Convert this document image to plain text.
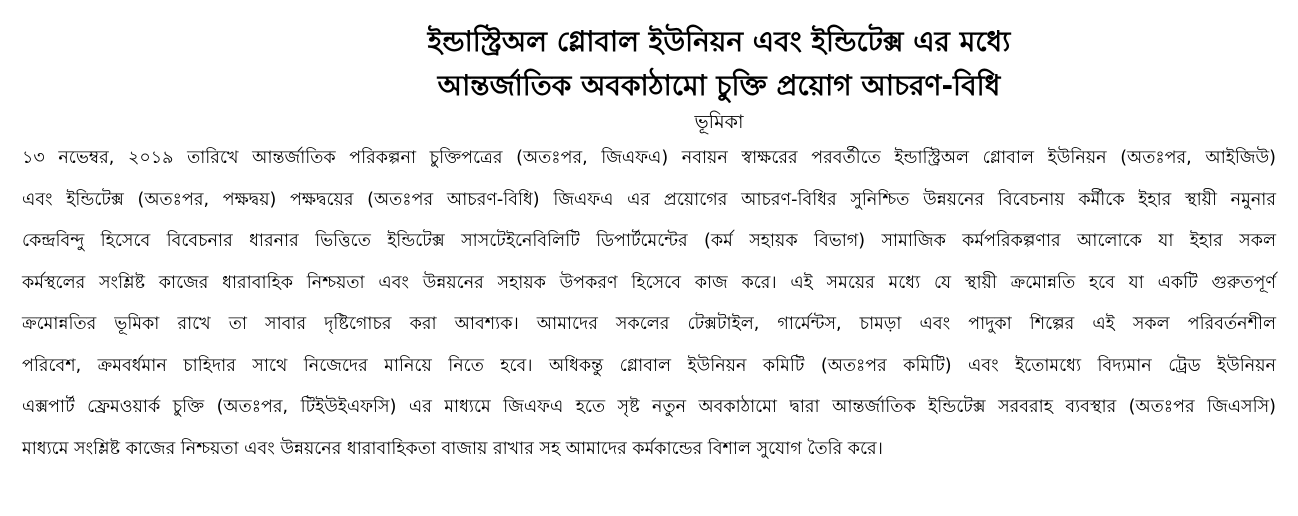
ইন্ডাস্ট্রিঅল গ্লোবাল ইউনিয়ন এবং ইন্ডিটেক্স এর মধ্যে
আন্তর্জাতিক অবকাঠামো চুক্তি প্রয়োগ আচরণ-বিধি
ভূমিকা
১৩ নভেম্বর, ২০১৯ তারিখে আন্তর্জাতিক পরিকল্পনা চুক্তিপত্রের (অতঃপর, জিএফএ) নবায়ন স্বাক্ষরের পরবর্তীতে ইন্ডাস্ট্রিঅল গ্লোবাল ইউনিয়ন (অতঃপর, আইজিউ)
এবং ইন্ডিটেক্স (অতঃপর, পক্ষদ্বয়) পক্ষদ্বয়ের (অতঃপর আচরণ-বিধি) জিএফএ এর প্রয়োগের আচরণ-বিধির সুনিশ্চিত উন্নয়নের বিবেচনায় কর্মীকে ইহার স্থায়ী নমুনার
কেন্দ্রবিন্দু হিসেবে বিবেচনার ধারনার ভিত্তিতে ইন্ডিটেক্স সাসটেইনেবিলিটি ডিপার্টমেন্টের (কর্ম সহায়ক বিভাগ) সামাজিক কর্মপরিকল্পণার আলোকে যা ইহার সকল
কর্মস্থলের সংশ্লিষ্ট কাজের ধারাবাহিক নিশ্চয়তা এবং উন্নয়নের সহায়ক উপকরণ হিসেবে কাজ করে। এই সময়ের মধ্যে যে স্থায়ী ক্রমোন্নতি হবে যা একটি গুরুতপূর্ণ
ক্রমোন্নতির ভূমিকা রাখে তা সাবার দৃষ্টিগোচর করা আবশ্যক। আমাদের সকলের টেক্সটাইল, গার্মেন্টস, চামড়া এবং পাদুকা শিল্পের এই সকল পরিবর্তনশীল
পরিবেশ, ক্রমবর্ধমান চাহিদার সাথে নিজেদের মানিয়ে নিতে হবে। অধিকন্তু গ্লোবাল ইউনিয়ন কমিটি (অতঃপর কমিটি) এবং ইতোমধ্যে বিদ্যমান ট্রেড ইউনিয়ন
এক্সপার্ট ফ্রেমওয়ার্ক চুক্তি (অতঃপর, টিইউইএফসি) এর মাধ্যমে জিএফএ হতে সৃষ্ট নতুন অবকাঠামো দ্বারা আন্তর্জাতিক ইন্ডিটেক্স সরবরাহ ব্যবস্থার (অতঃপর জিএসসি)
মাধ্যমে সংশ্লিষ্ট কাজের নিশ্চয়তা এবং উন্নয়নের ধারাবাহিকতা বাজায় রাখার সহ আমাদের কর্মকান্ডের বিশাল সুযোগ তৈরি করে।
